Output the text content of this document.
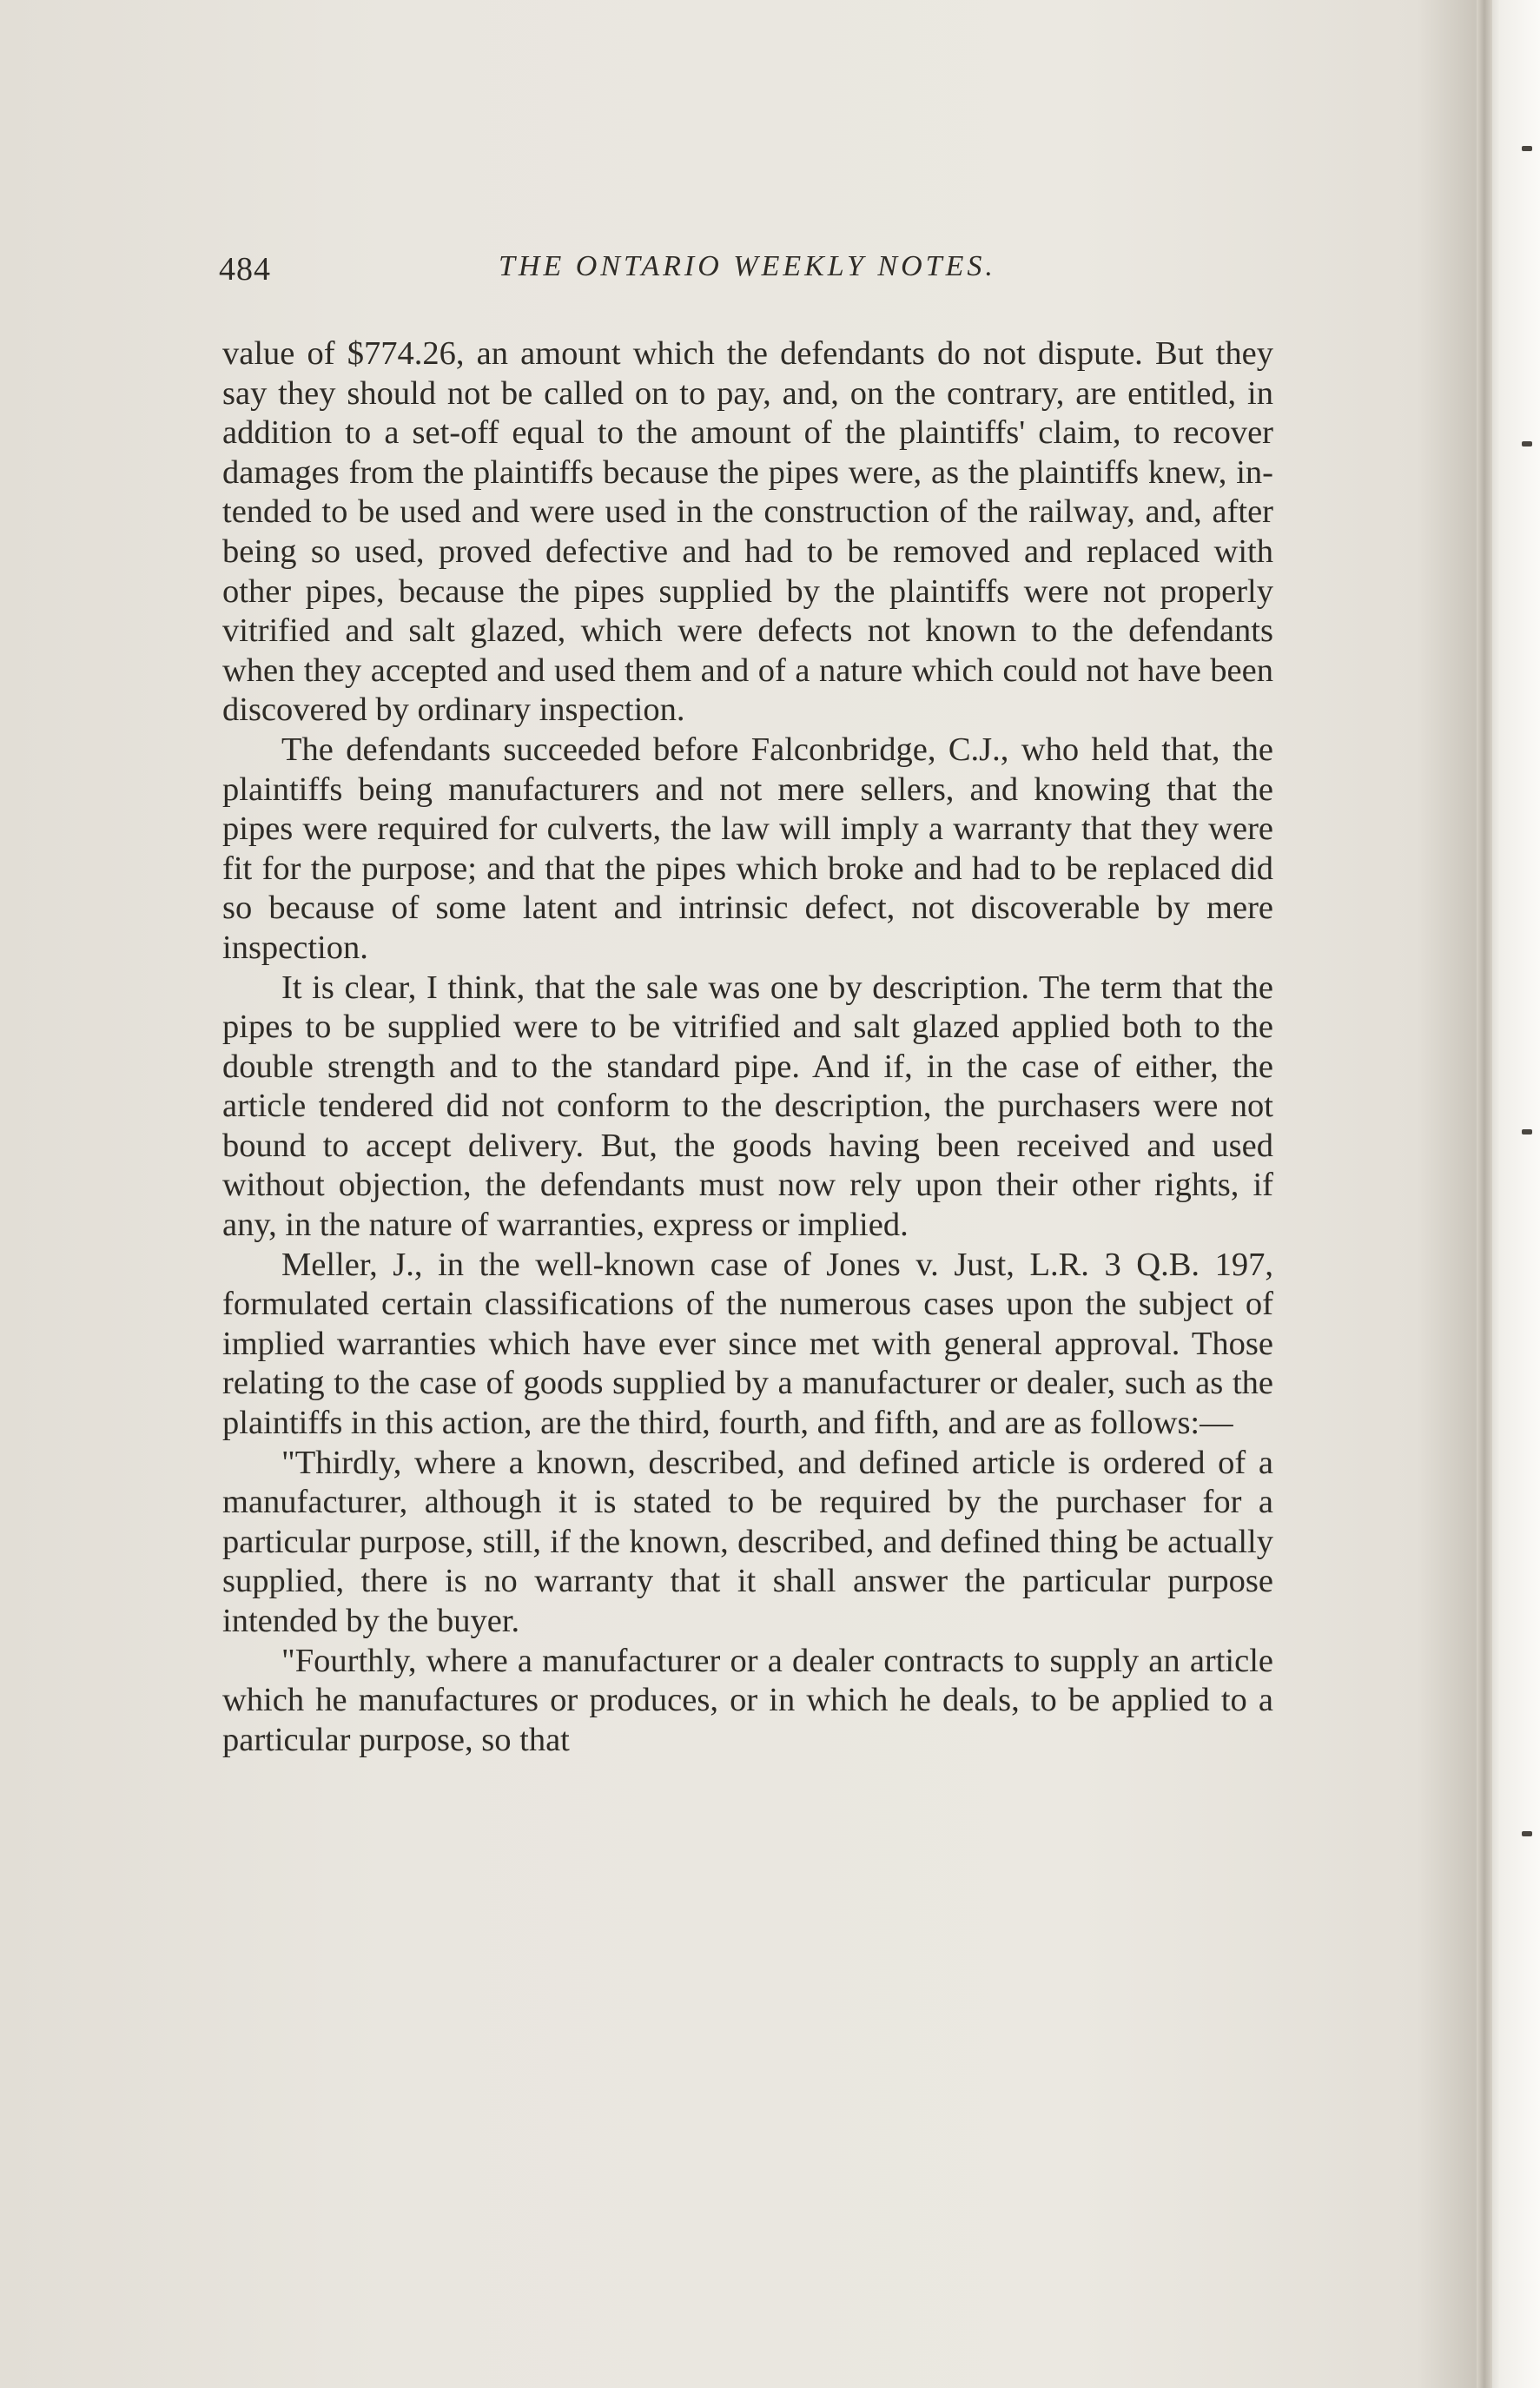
484	THE ONTARIO WEEKLY NOTES.

value of $774.26, an amount which the defendants do not dispute. But they say they should not be called on to pay, and, on the contrary, are entitled, in addition to a set-off equal to the amount of the plaintiffs' claim, to recover damages from the plaintiffs because the pipes were, as the plaintiffs knew, intended to be used and were used in the construction of the railway, and, after being so used, proved defective and had to be removed and replaced with other pipes, because the pipes supplied by the plaintiffs were not properly vitrified and salt glazed, which were defects not known to the defendants when they accepted and used them and of a nature which could not have been discovered by ordinary inspection.

The defendants succeeded before Falconbridge, C.J., who held that, the plaintiffs being manufacturers and not mere sellers, and knowing that the pipes were required for culverts, the law will imply a warranty that they were fit for the purpose; and that the pipes which broke and had to be replaced did so because of some latent and intrinsic defect, not discoverable by mere inspection.

It is clear, I think, that the sale was one by description. The term that the pipes to be supplied were to be vitrified and salt glazed applied both to the double strength and to the standard pipe. And if, in the case of either, the article tendered did not conform to the description, the purchasers were not bound to accept delivery. But, the goods having been received and used without objection, the defendants must now rely upon their other rights, if any, in the nature of warranties, express or implied.

Meller, J., in the well-known case of Jones v. Just, L.R. 3 Q.B. 197, formulated certain classifications of the numerous cases upon the subject of implied warranties which have ever since met with general approval. Those relating to the case of goods supplied by a manufacturer or dealer, such as the plaintiffs in this action, are the third, fourth, and fifth, and are as follows:—

"Thirdly, where a known, described, and defined article is ordered of a manufacturer, although it is stated to be required by the purchaser for a particular purpose, still, if the known, described, and defined thing be actually supplied, there is no warranty that it shall answer the particular purpose intended by the buyer.

"Fourthly, where a manufacturer or a dealer contracts to supply an article which he manufactures or produces, or in which he deals, to be applied to a particular purpose, so that
